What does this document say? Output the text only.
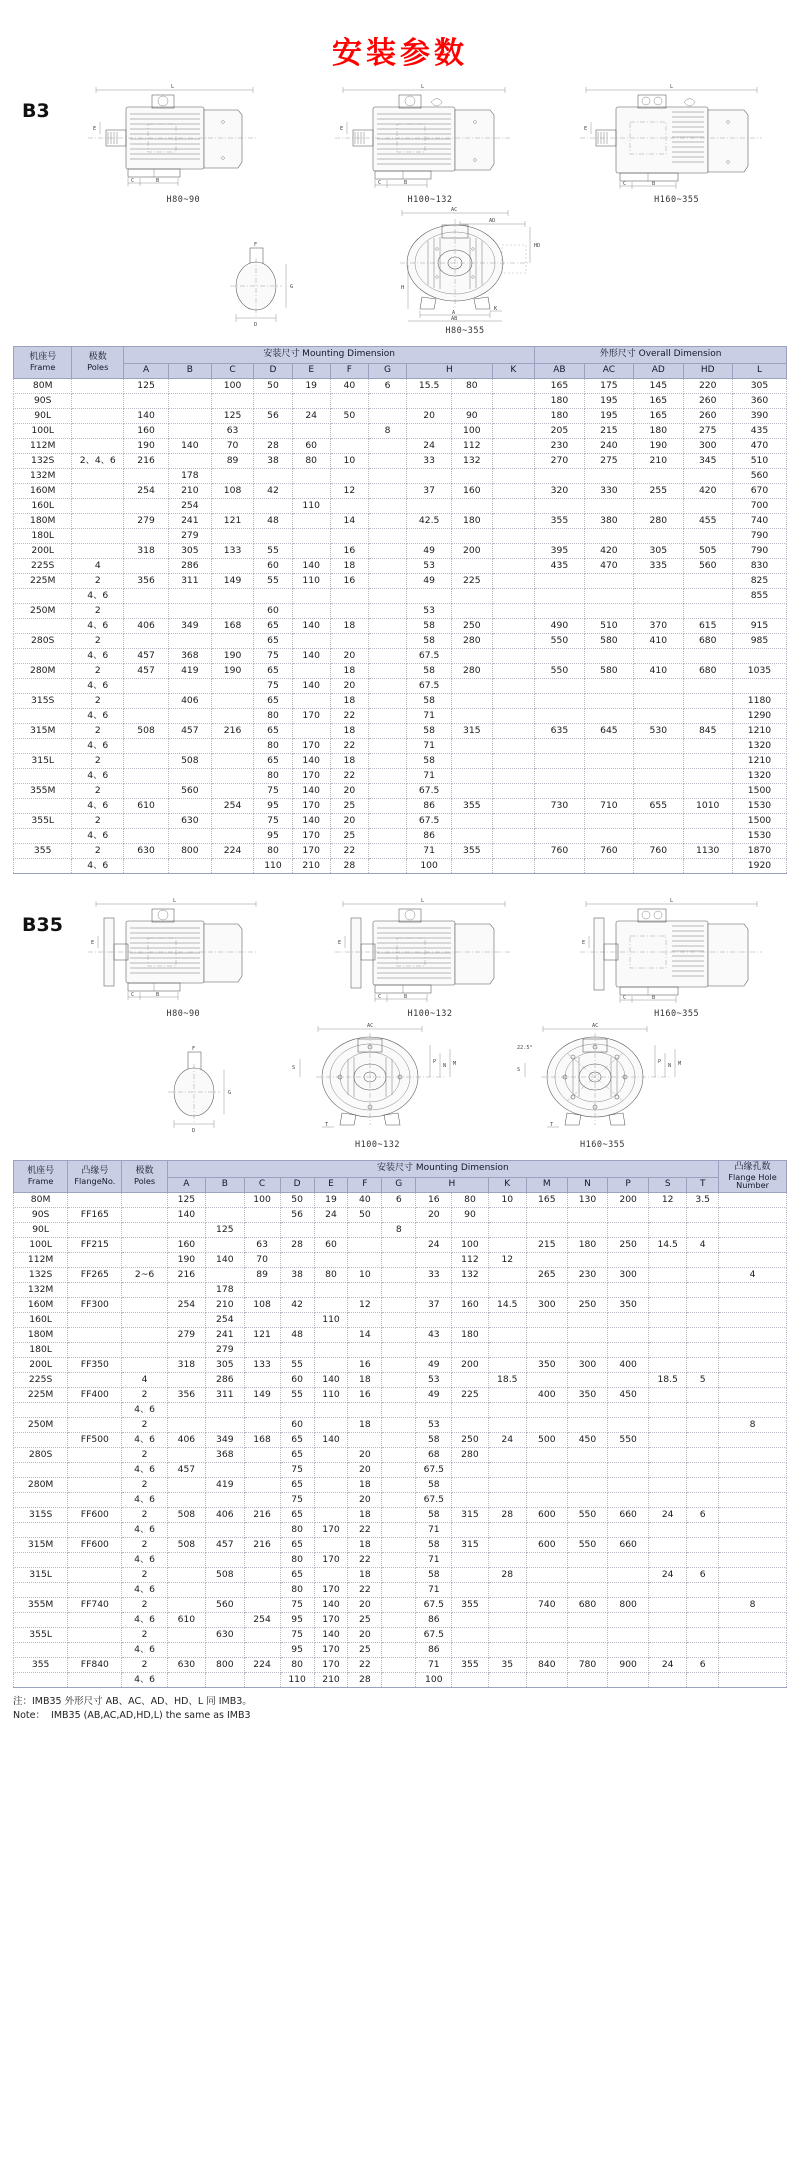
安装参数
B3
L
E
C	B
H80~90
L
E
C	B
H100~132
L
E
C	B
H160~355
F
G
D
AC
AD
H
HD
A
AB
K
H80~355
机座号
Frame	极数
Poles	安装尺寸 Mounting Dimension										外形尺寸 Overall Dimension				
		A	B	C	D	E	F	G	H		K	AB	AC	AD	HD	L
80M		125		100	50	19	40	6	15.5	80		165	175	145	220	305
90S												180	195	165	260	360
90L		140		125	56	24	50		20	90		180	195	165	260	390
100L		160		63				8		100		205	215	180	275	435
112M		190	140	70	28	60			24	112		230	240	190	300	470
132S	2、4、6	216		89	38	80	10		33	132		270	275	210	345	510
132M			178													560
160M		254	210	108	42		12		37	160		320	330	255	420	670
160L			254			110										700
180M		279	241	121	48		14		42.5	180		355	380	280	455	740
180L			279													790
200L		318	305	133	55		16		49	200		395	420	305	505	790
225S	4		286		60	140	18		53			435	470	335	560	830
225M	2	356	311	149	55	110	16		49	225						825
	4、6															855
250M	2				60				53							
	4、6	406	349	168	65	140	18		58	250		490	510	370	615	915
280S	2				65				58	280		550	580	410	680	985
	4、6	457	368	190	75	140	20		67.5							
280M	2	457	419	190	65		18		58	280		550	580	410	680	1035
	4、6				75	140	20		67.5							
315S	2		406		65		18		58							1180
	4、6				80	170	22		71							1290
315M	2	508	457	216	65		18		58	315		635	645	530	845	1210
	4、6				80	170	22		71							1320
315L	2		508		65	140	18		58							1210
	4、6				80	170	22		71							1320
355M	2		560		75	140	20		67.5							1500
	4、6	610		254	95	170	25		86	355		730	710	655	1010	1530
355L	2		630		75	140	20		67.5							1500
	4、6				95	170	25		86							1530
355	2	630	800	224	80	170	22		71	355		760	760	760	1130	1870
	4、6				110	210	28		100							1920
B35
L
E
C	B
H80~90
L
E
C	B
H100~132
L
E
C	B
H160~355
F
G
D
AC
P
N M
S
T
H100~132
AC
22.5°
P
N M
S
T
H160~355
机座号
Frame	凸缘号
FlangeNo.	极数
Poles	安装尺寸 Mounting Dimension															凸缘孔数
Flange Hole
Number

			A	B	C	D	E	F	G	H		K	M	N	P	S	T	
80M			125		100	50	19	40	6	16	80	10	165	130	200	12	3.5	
90S	FF165		140			56	24	50		20	90							
90L				125					8									
100L	FF215		160		63	28	60			24	100		215	180	250	14.5	4	
112M			190	140	70						112	12						
132S	FF265	2~6	216		89	38	80	10		33	132		265	230	300			4
132M				178														
160M	FF300		254	210	108	42		12		37	160	14.5	300	250	350			
160L				254			110											
180M			279	241	121	48		14		43	180							
180L				279														
200L	FF350		318	305	133	55		16		49	200		350	300	400			
225S		4		286		60	140	18		53		18.5				18.5	5	
225M	FF400	2	356	311	149	55	110	16		49	225		400	350	450			
		4、6																
250M		2				60		18		53								8
	FF500	4、6	406	349	168	65	140			58	250	24	500	450	550			
280S		2		368		65		20		68	280							
		4、6	457			75		20		67.5								
280M		2		419		65		18		58								
		4、6				75		20		67.5								
315S	FF600	2	508	406	216	65		18		58	315	28	600	550	660	24	6	
		4、6				80	170	22		71								
315M	FF600	2	508	457	216	65		18		58	315		600	550	660			
		4、6				80	170	22		71								
315L		2		508		65		18		58		28				24	6	
		4、6				80	170	22		71								
355M	FF740	2		560		75	140	20		67.5	355		740	680	800			8
		4、6	610		254	95	170	25		86								
355L		2		630		75	140	20		67.5								
		4、6				95	170	25		86								
355	FF840	2	630	800	224	80	170	22		71	355	35	840	780	900	24	6	
		4、6				110	210	28		100								
注：IMB35 外形尺寸 AB、AC、AD、HD、L 同 IMB3。
Note：  IMB35 (AB,AC,AD,HD,L) the same as IMB3
